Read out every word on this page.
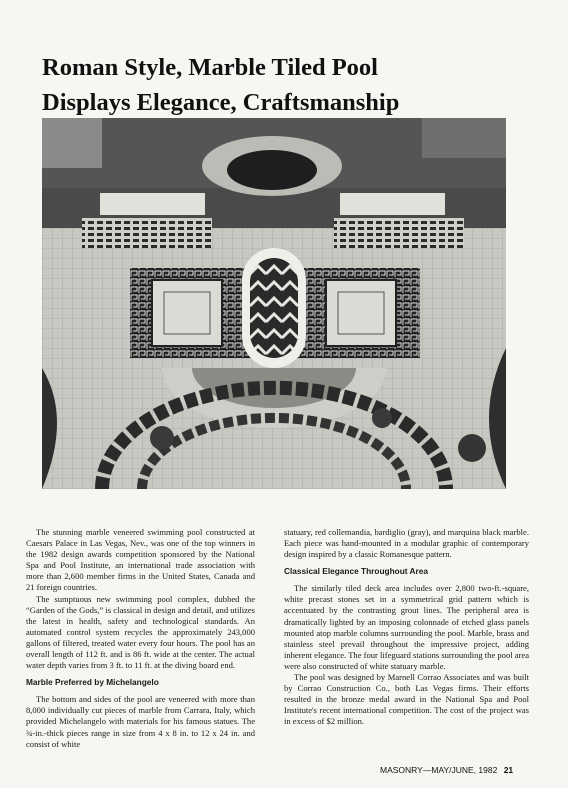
Roman Style, Marble Tiled Pool
Displays Elegance, Craftsmanship

The stunning marble veneered swimming pool constructed at Caesars Palace in Las Vegas, Nev., was one of the top winners in the 1982 design awards competition sponsored by the National Spa and Pool Institute, an international trade association with more than 2,600 member firms in the United States, Canada and 21 foreign countries.

The sumptuous new swimming pool complex, dubbed the “Garden of the Gods,” is classical in design and detail, and utilizes the latest in health, safety and technological standards. An automated control system recycles the approximately 243,000 gallons of filtered, treated water every four hours. The pool has an overall length of 112 ft. and is 86 ft. wide at the center. The actual water depth varies from 3 ft. to 11 ft. at the diving board end.

Marble Preferred by Michelangelo

The bottom and sides of the pool are veneered with more than 8,000 individually cut pieces of marble from Carrara, Italy, which provided Michelangelo with materials for his famous statues. The ¾-in.-thick pieces range in size from 4 x 8 in. to 12 x 24 in. and consist of white

statuary, red collemandia, bardiglio (gray), and marquina black marble. Each piece was hand-mounted in a modular graphic of contemporary design inspired by a classic Romanesque pattern.

Classical Elegance Throughout Area

The similarly tiled deck area includes over 2,800 two-ft.-square, white precast stones set in a symmetrical grid pattern which is accentuated by the contrasting grout lines. The peripheral area is dramatically lighted by an imposing colonnade of etched glass panels mounted atop marble columns surrounding the pool. Marble, brass and stainless steel prevail throughout the impressive project, adding inherent elegance. The four lifeguard stations surrounding the pool area were also constructed of white statuary marble.

The pool was designed by Marnell Corrao Associates and was built by Corrao Construction Co., both Las Vegas firms. Their efforts resulted in the bronze medal award in the National Spa and Pool Institute's recent international competition. The cost of the project was in excess of $2 million.

MASONRY—MAY/JUNE, 1982 21
